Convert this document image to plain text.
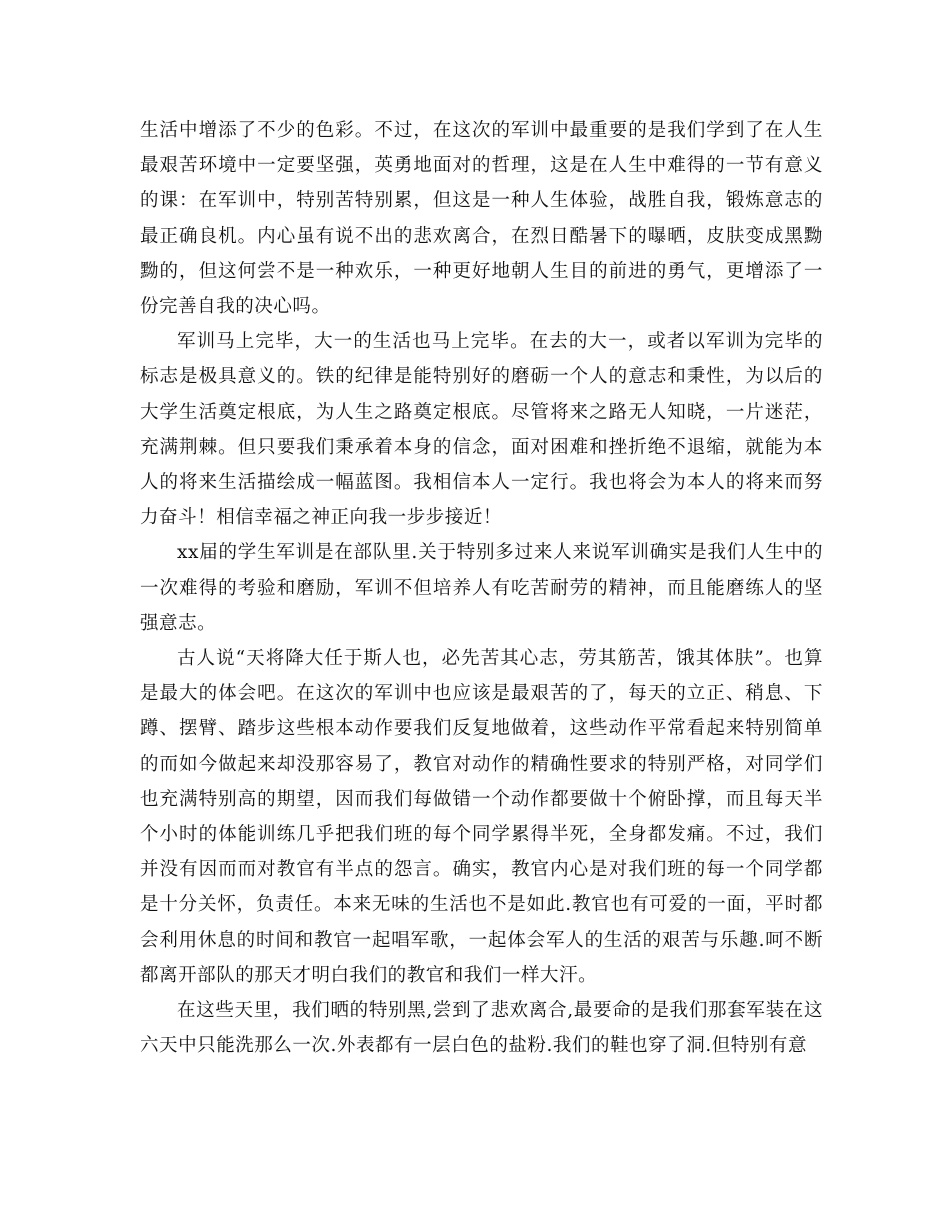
生活中增添了不少的色彩。不过，在这次的军训中最重要的是我们学到了在人生最艰苦环境中一定要坚强，英勇地面对的哲理，这是在人生中难得的一节有意义的课：在军训中，特别苦特别累，但这是一种人生体验，战胜自我，锻炼意志的最正确良机。内心虽有说不出的悲欢离合，在烈日酷暑下的曝晒，皮肤变成黑黝黝的，但这何尝不是一种欢乐，一种更好地朝人生目的前进的勇气，更增添了一份完善自我的决心吗。

军训马上完毕，大一的生活也马上完毕。在去的大一，或者以军训为完毕的标志是极具意义的。铁的纪律是能特别好的磨砺一个人的意志和秉性，为以后的大学生活奠定根底，为人生之路奠定根底。尽管将来之路无人知晓，一片迷茫，充满荆棘。但只要我们秉承着本身的信念，面对困难和挫折绝不退缩，就能为本人的将来生活描绘成一幅蓝图。我相信本人一定行。我也将会为本人的将来而努力奋斗！相信幸福之神正向我一步步接近！

xx届的学生军训是在部队里.关于特别多过来人来说军训确实是我们人生中的一次难得的考验和磨励，军训不但培养人有吃苦耐劳的精神，而且能磨练人的坚强意志。

古人说“天将降大任于斯人也，必先苦其心志，劳其筋苦，饿其体肤”。也算是最大的体会吧。在这次的军训中也应该是最艰苦的了，每天的立正、稍息、下蹲、摆臂、踏步这些根本动作要我们反复地做着，这些动作平常看起来特别简单的而如今做起来却没那容易了，教官对动作的精确性要求的特别严格，对同学们也充满特别高的期望，因而我们每做错一个动作都要做十个俯卧撑，而且每天半个小时的体能训练几乎把我们班的每个同学累得半死，全身都发痛。不过，我们并没有因而而对教官有半点的怨言。确实，教官内心是对我们班的每一个同学都是十分关怀，负责任。本来无味的生活也不是如此.教官也有可爱的一面，平时都会利用休息的时间和教官一起唱军歌，一起体会军人的生活的艰苦与乐趣.呵不断都离开部队的那天才明白我们的教官和我们一样大汗。

在这些天里，我们晒的特别黑,尝到了悲欢离合,最要命的是我们那套军装在这六天中只能洗那么一次.外表都有一层白色的盐粉.我们的鞋也穿了洞.但特别有意
